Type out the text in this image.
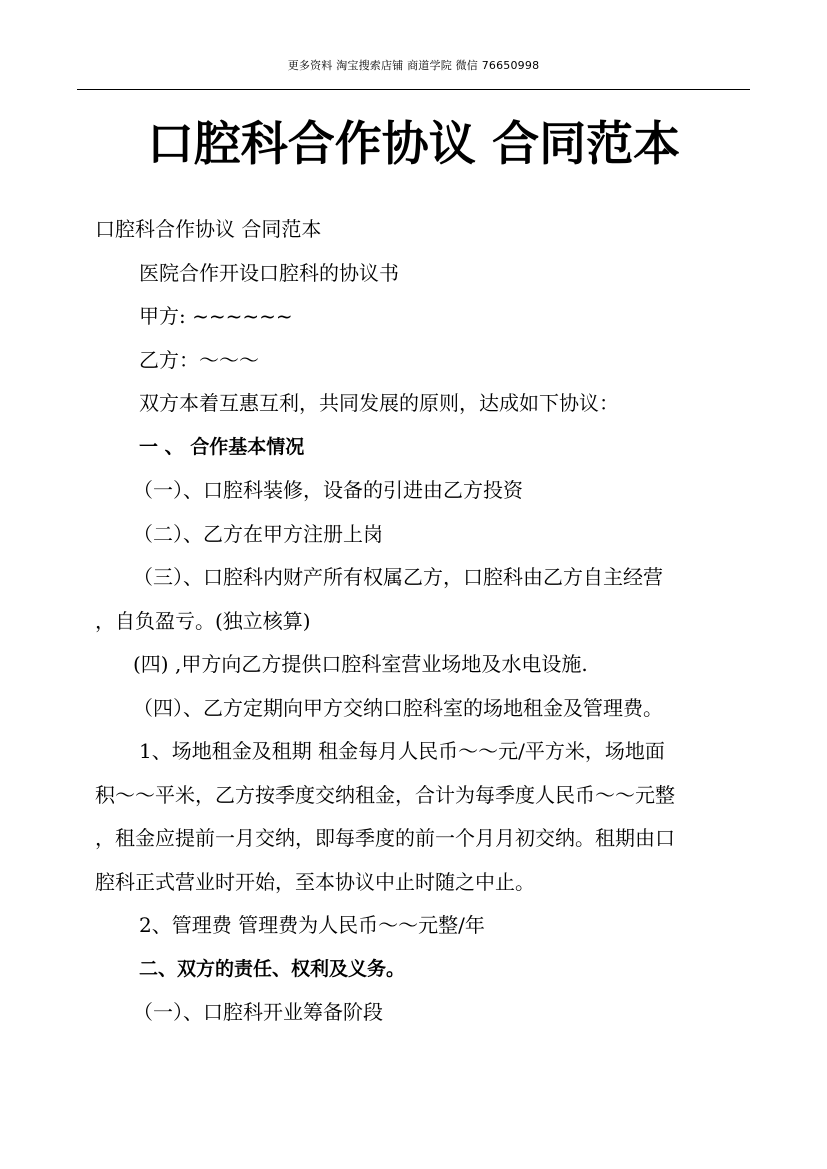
更多资料 淘宝搜索店铺 商道学院 微信 76650998
口腔科合作协议 合同范本
口腔科合作协议 合同范本
医院合作开设口腔科的协议书
甲方: ~~~~~~
乙方：～～～
双方本着互惠互利，共同发展的原则，达成如下协议：
一 、 合作基本情况
（一）、口腔科装修，设备的引进由乙方投资
（二）、乙方在甲方注册上岗
（三）、口腔科内财产所有权属乙方，口腔科由乙方自主经营
，自负盈亏。(独立核算)
(四) ,甲方向乙方提供口腔科室营业场地及水电设施.
（四）、乙方定期向甲方交纳口腔科室的场地租金及管理费。
1、场地租金及租期 租金每月人民币～～元/平方米，场地面
积～～平米，乙方按季度交纳租金，合计为每季度人民币～～元整
，租金应提前一月交纳，即每季度的前一个月月初交纳。租期由口
腔科正式营业时开始，至本协议中止时随之中止。
2、管理费 管理费为人民币～～元整/年
二、双方的责任、权利及义务。
（一）、口腔科开业筹备阶段
